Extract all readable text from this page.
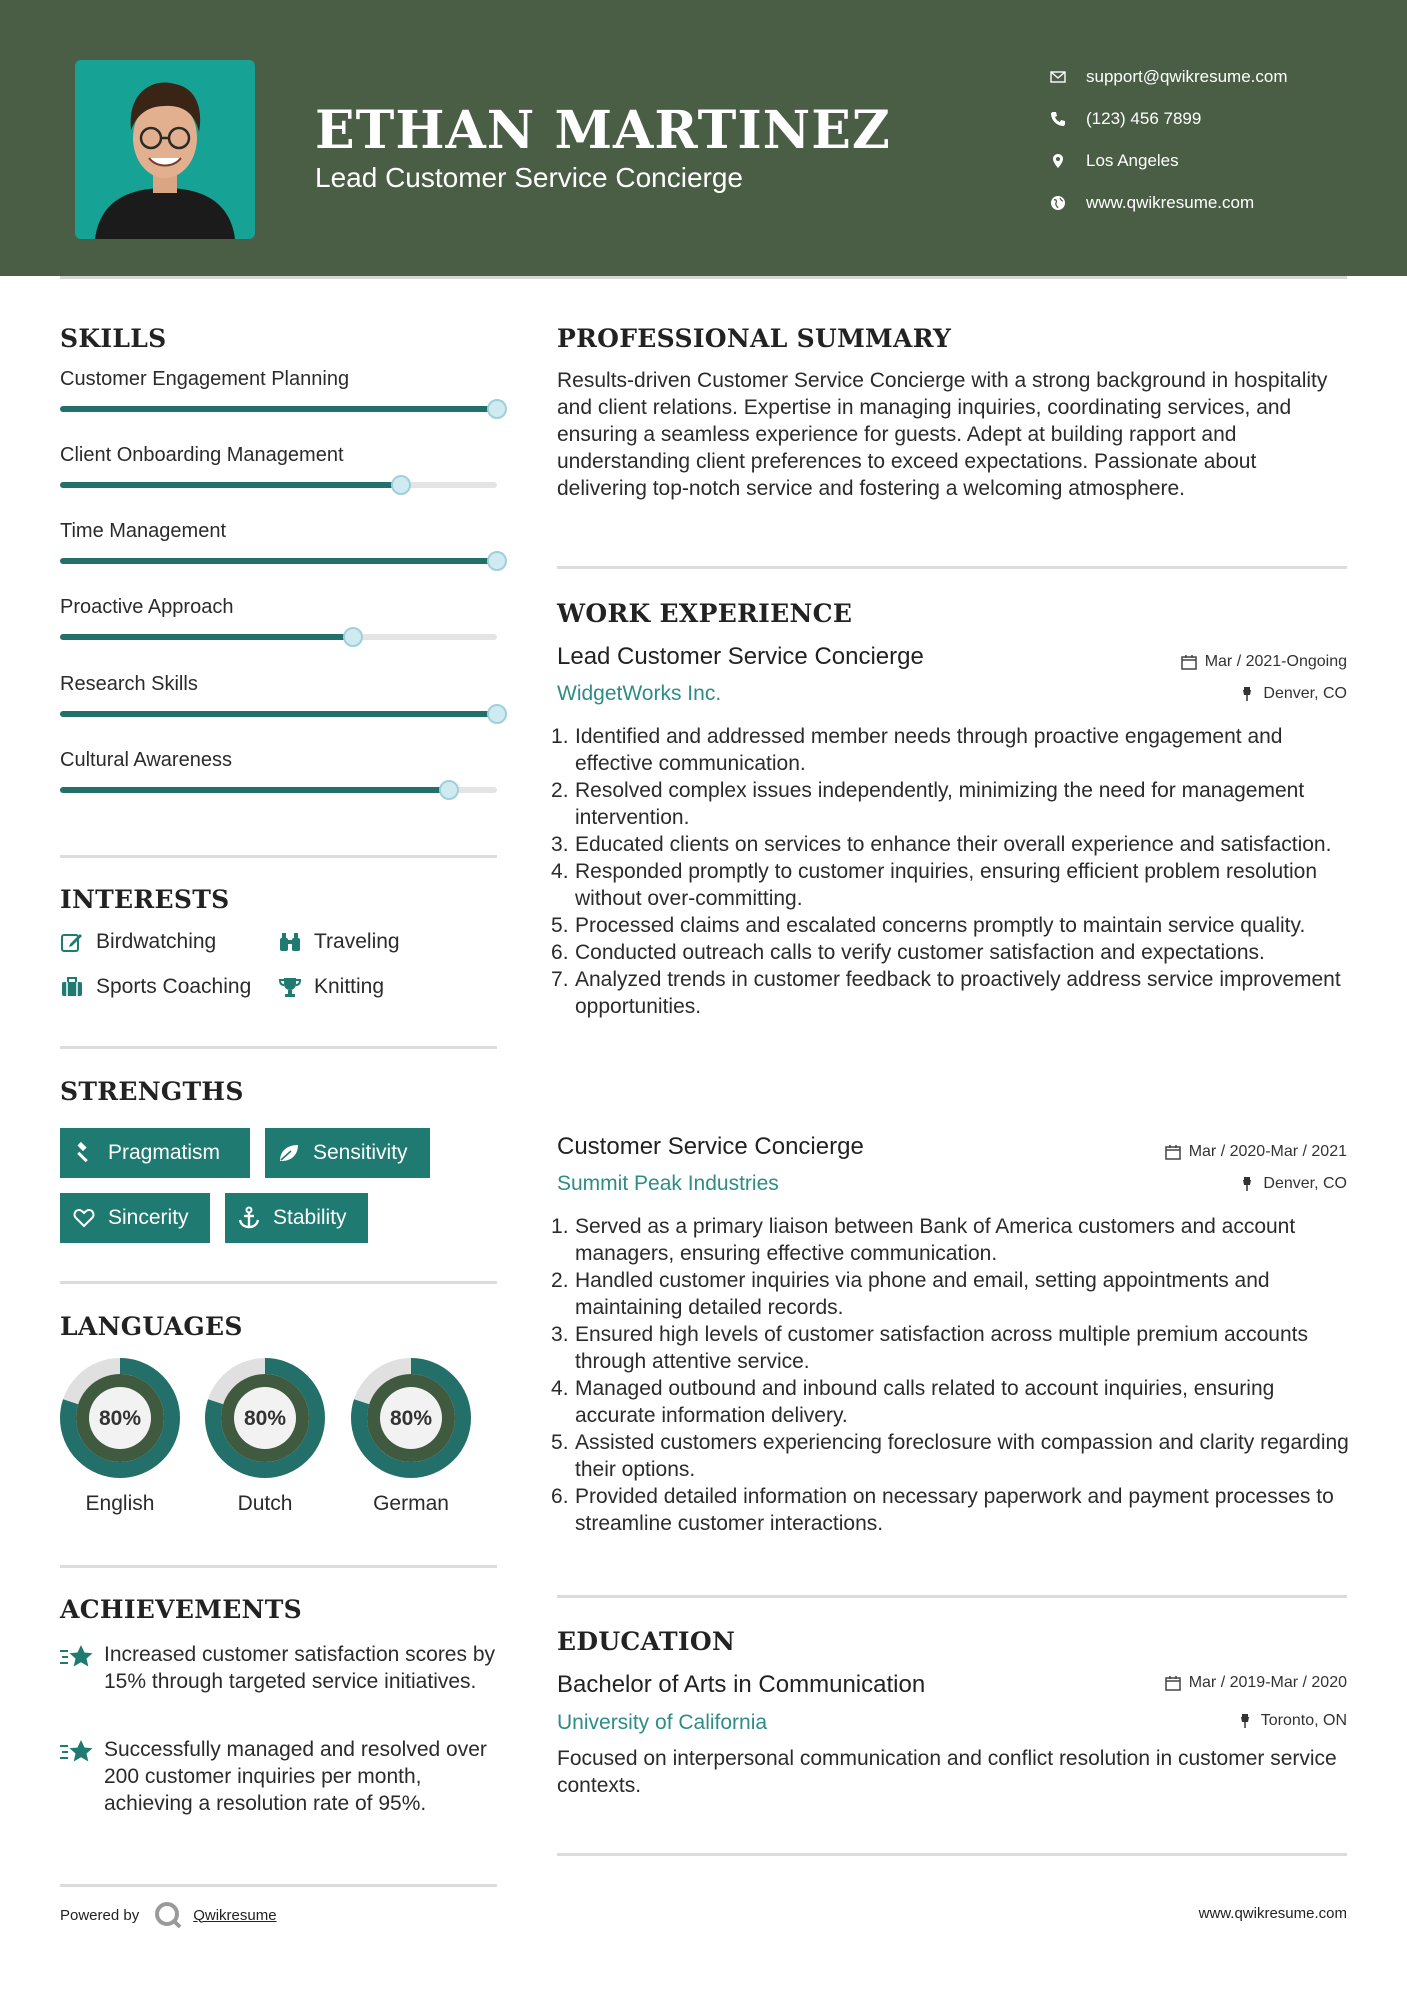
ETHAN MARTINEZ
Lead Customer Service Concierge
support@qwikresume.com
(123) 456 7899
Los Angeles
www.qwikresume.com
SKILLS
Customer Engagement Planning
Client Onboarding Management
Time Management
Proactive Approach
Research Skills
Cultural Awareness
INTERESTS
Birdwatching	Traveling
Sports Coaching	Knitting
STRENGTHS
Pragmatism	Sensitivity
Sincerity	Stability
LANGUAGES
80%
English
80%
Dutch
80%
German
ACHIEVEMENTS
Increased customer satisfaction scores by 15% through targeted service initiatives.
Successfully managed and resolved over 200 customer inquiries per month, achieving a resolution rate of 95%.
Powered by	Qwikresume
PROFESSIONAL SUMMARY
Results-driven Customer Service Concierge with a strong background in hospitality and client relations. Expertise in managing inquiries, coordinating services, and ensuring a seamless experience for guests. Adept at building rapport and understanding client preferences to exceed expectations. Passionate about delivering top-notch service and fostering a welcoming atmosphere.
WORK EXPERIENCE
Lead Customer Service Concierge	Mar / 2021-Ongoing
WidgetWorks Inc.	Denver, CO
Identified and addressed member needs through proactive engagement and effective communication.
Resolved complex issues independently, minimizing the need for management intervention.
Educated clients on services to enhance their overall experience and satisfaction.
Responded promptly to customer inquiries, ensuring efficient problem resolution without over-committing.
Processed claims and escalated concerns promptly to maintain service quality.
Conducted outreach calls to verify customer satisfaction and expectations.
Analyzed trends in customer feedback to proactively address service improvement opportunities.
Customer Service Concierge	Mar / 2020-Mar / 2021
Summit Peak Industries	Denver, CO
Served as a primary liaison between Bank of America customers and account managers, ensuring effective communication.
Handled customer inquiries via phone and email, setting appointments and maintaining detailed records.
Ensured high levels of customer satisfaction across multiple premium accounts through attentive service.
Managed outbound and inbound calls related to account inquiries, ensuring accurate information delivery.
Assisted customers experiencing foreclosure with compassion and clarity regarding their options.
Provided detailed information on necessary paperwork and payment processes to streamline customer interactions.
EDUCATION
Bachelor of Arts in Communication	Mar / 2019-Mar / 2020
University of California	Toronto, ON
Focused on interpersonal communication and conflict resolution in customer service contexts.
www.qwikresume.com
